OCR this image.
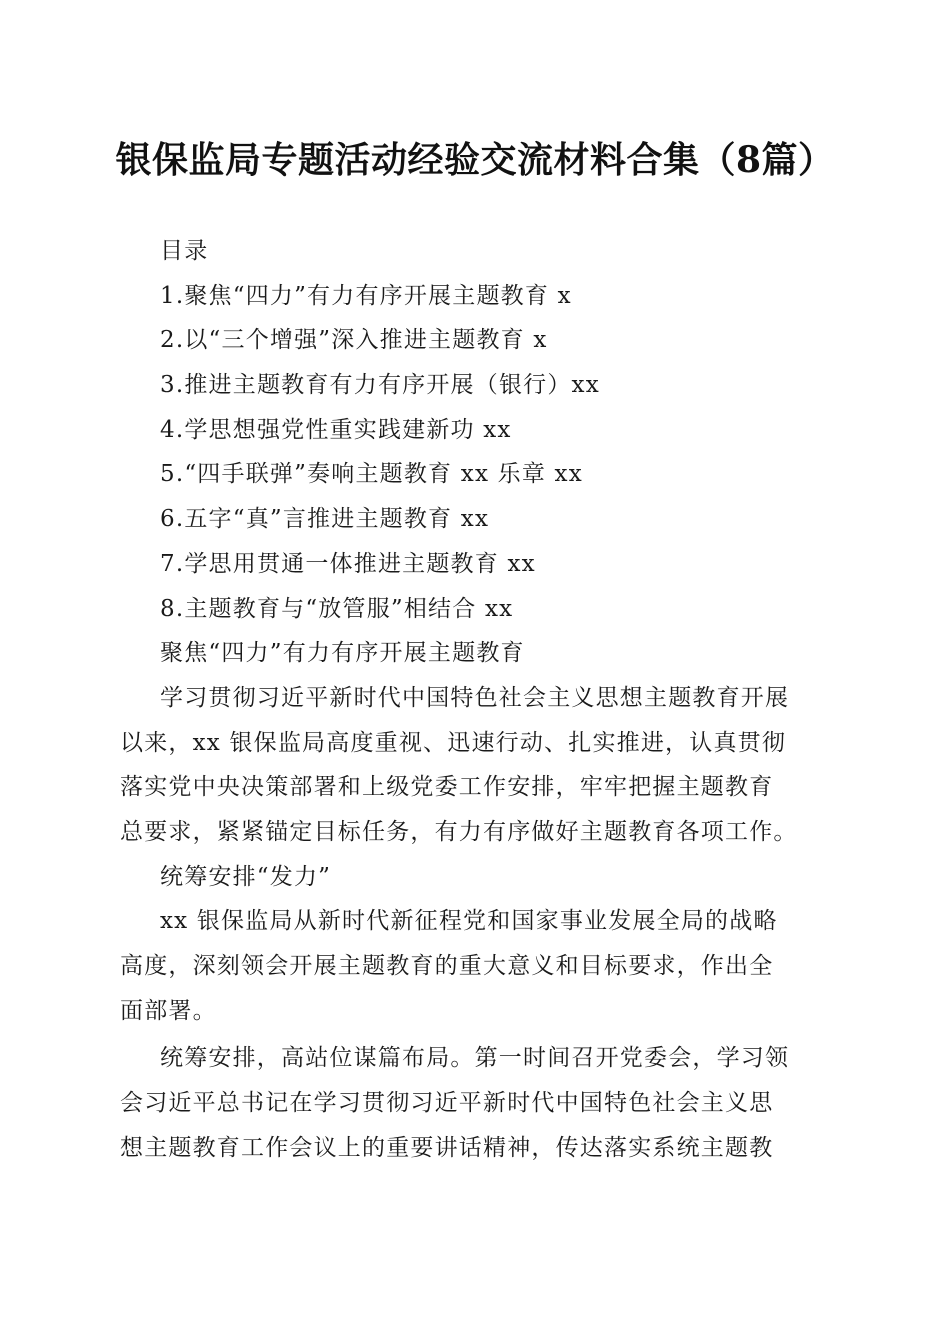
银保监局专题活动经验交流材料合集（8篇）
目录
1.聚焦“四力”有力有序开展主题教育 x
2.以“三个增强”深入推进主题教育 x
3.推进主题教育有力有序开展（银行）xx
4.学思想强党性重实践建新功 xx
5.“四手联弹”奏响主题教育 xx 乐章 xx
6.五字“真”言推进主题教育 xx
7.学思用贯通一体推进主题教育 xx
8.主题教育与“放管服”相结合 xx
聚焦“四力”有力有序开展主题教育
学习贯彻习近平新时代中国特色社会主义思想主题教育开展
以来，xx 银保监局高度重视、迅速行动、扎实推进，认真贯彻
落实党中央决策部署和上级党委工作安排，牢牢把握主题教育
总要求，紧紧锚定目标任务，有力有序做好主题教育各项工作。
统筹安排“发力”
xx 银保监局从新时代新征程党和国家事业发展全局的战略
高度，深刻领会开展主题教育的重大意义和目标要求，作出全
面部署。
统筹安排，高站位谋篇布局。第一时间召开党委会，学习领
会习近平总书记在学习贯彻习近平新时代中国特色社会主义思
想主题教育工作会议上的重要讲话精神，传达落实系统主题教
